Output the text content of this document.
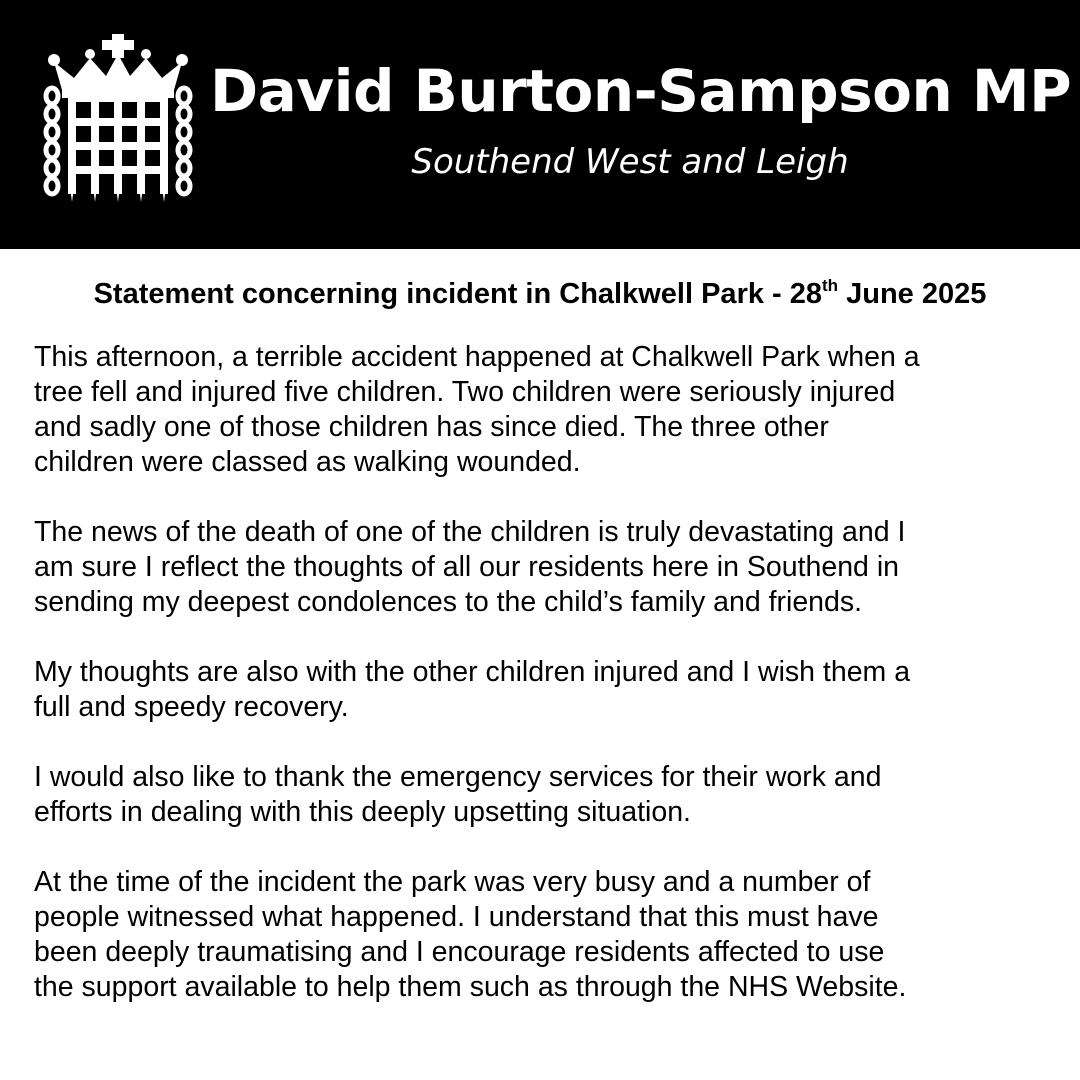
David Burton-Sampson MP
Southend West and Leigh
Statement concerning incident in Chalkwell Park - 28th June 2025

This afternoon, a terrible accident happened at Chalkwell Park when a
tree fell and injured five children. Two children were seriously injured
and sadly one of those children has since died. The three other
children were classed as walking wounded.

The news of the death of one of the children is truly devastating and I
am sure I reflect the thoughts of all our residents here in Southend in
sending my deepest condolences to the child’s family and friends.

My thoughts are also with the other children injured and I wish them a
full and speedy recovery.

I would also like to thank the emergency services for their work and
efforts in dealing with this deeply upsetting situation.

At the time of the incident the park was very busy and a number of
people witnessed what happened. I understand that this must have
been deeply traumatising and I encourage residents affected to use
the support available to help them such as through the NHS Website.
